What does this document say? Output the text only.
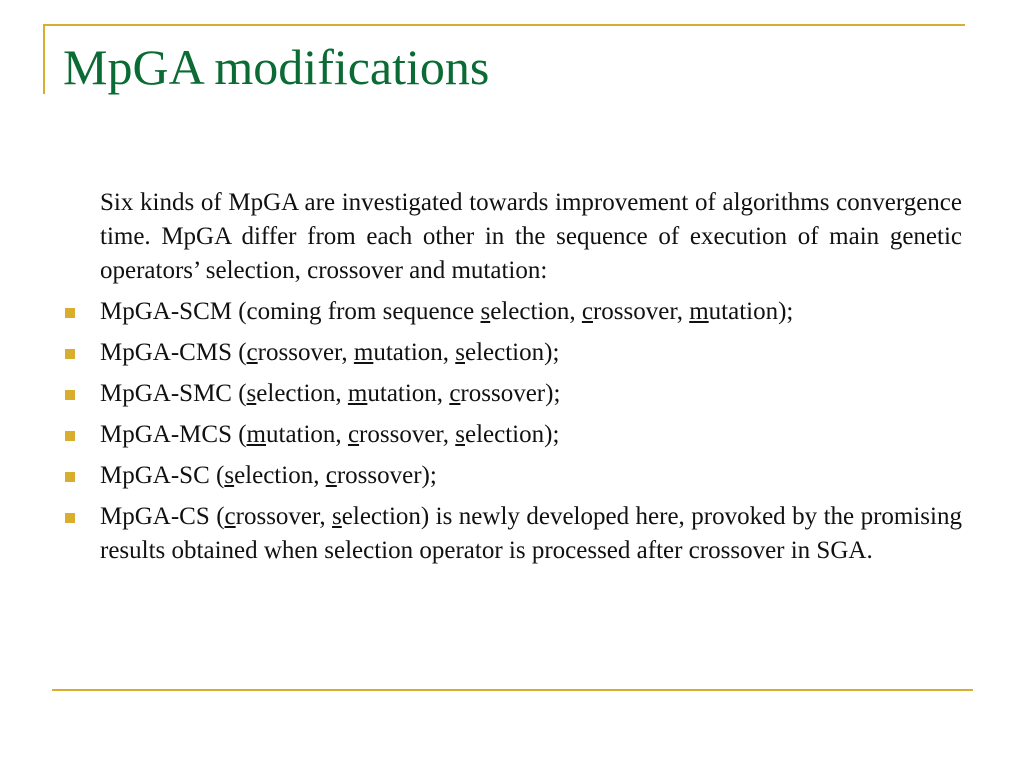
MpGA modifications

Six kinds of MpGA are investigated towards improvement of algorithms convergence time. MpGA differ from each other in the sequence of execution of main genetic operators’ selection, crossover and mutation:

MpGA-SCM (coming from sequence selection, crossover, mutation);
MpGA-CMS (crossover, mutation, selection);
MpGA-SMC (selection, mutation, crossover);
MpGA-MCS (mutation, crossover, selection);
MpGA-SC (selection, crossover);
MpGA-CS (crossover, selection) is newly developed here, provoked by the promising results obtained when selection operator is processed after crossover in SGA.
